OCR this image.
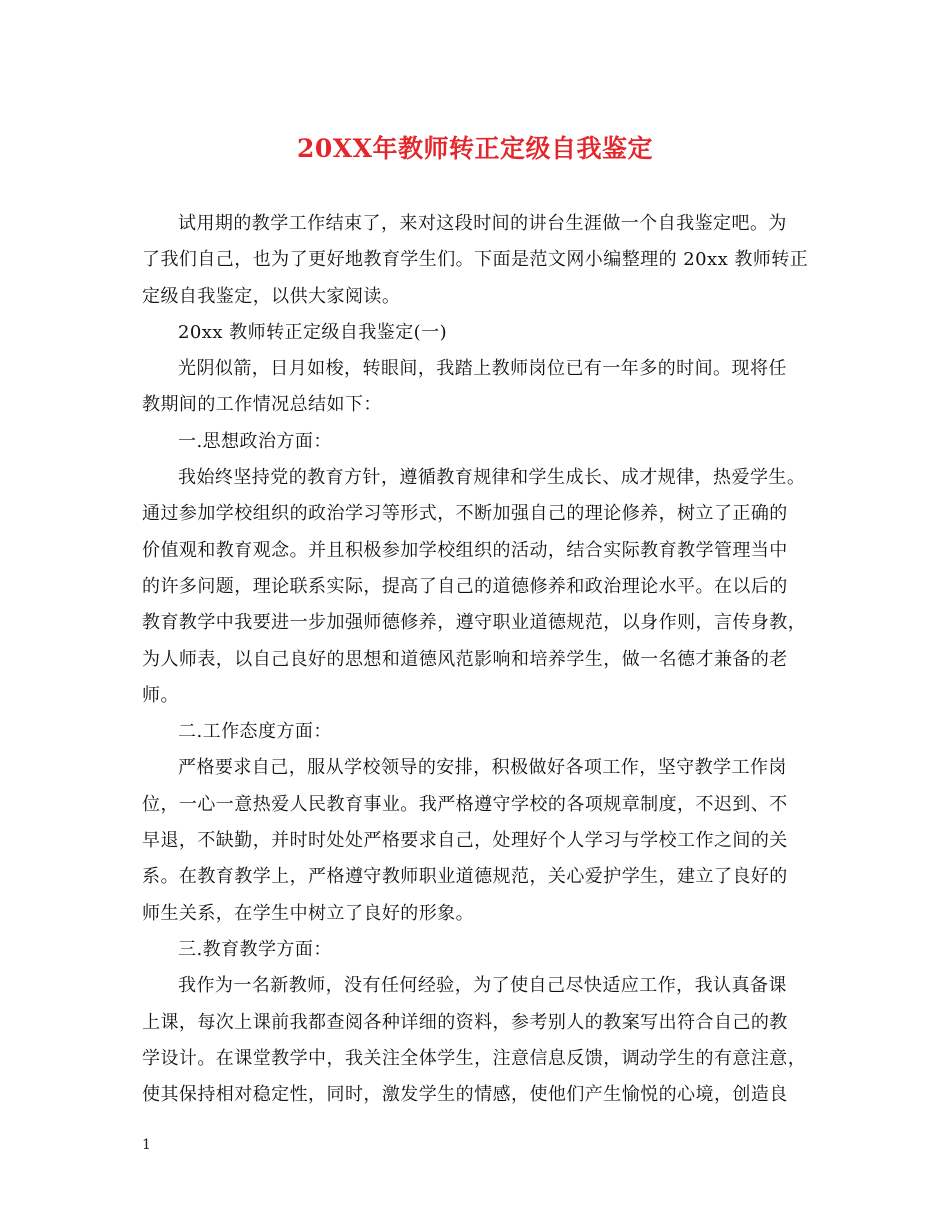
20XX年教师转正定级自我鉴定

试用期的教学工作结束了，来对这段时间的讲台生涯做一个自我鉴定吧。为
了我们自己，也为了更好地教育学生们。下面是范文网小编整理的 20xx 教师转正
定级自我鉴定，以供大家阅读。

20xx 教师转正定级自我鉴定(一)

光阴似箭，日月如梭，转眼间，我踏上教师岗位已有一年多的时间。现将任
教期间的工作情况总结如下：

一.思想政治方面：

我始终坚持党的教育方针，遵循教育规律和学生成长、成才规律，热爱学生。
通过参加学校组织的政治学习等形式，不断加强自己的理论修养，树立了正确的
价值观和教育观念。并且积极参加学校组织的活动，结合实际教育教学管理当中
的许多问题，理论联系实际，提高了自己的道德修养和政治理论水平。在以后的
教育教学中我要进一步加强师德修养，遵守职业道德规范，以身作则，言传身教，
为人师表，以自己良好的思想和道德风范影响和培养学生，做一名德才兼备的老
师。

二.工作态度方面：

严格要求自己，服从学校领导的安排，积极做好各项工作，坚守教学工作岗
位，一心一意热爱人民教育事业。我严格遵守学校的各项规章制度，不迟到、不
早退，不缺勤，并时时处处严格要求自己，处理好个人学习与学校工作之间的关
系。在教育教学上，严格遵守教师职业道德规范，关心爱护学生，建立了良好的
师生关系，在学生中树立了良好的形象。

三.教育教学方面：

我作为一名新教师，没有任何经验，为了使自己尽快适应工作，我认真备课
上课，每次上课前我都查阅各种详细的资料，参考别人的教案写出符合自己的教
学设计。在课堂教学中，我关注全体学生，注意信息反馈，调动学生的有意注意，
使其保持相对稳定性，同时，激发学生的情感，使他们产生愉悦的心境，创造良

1
